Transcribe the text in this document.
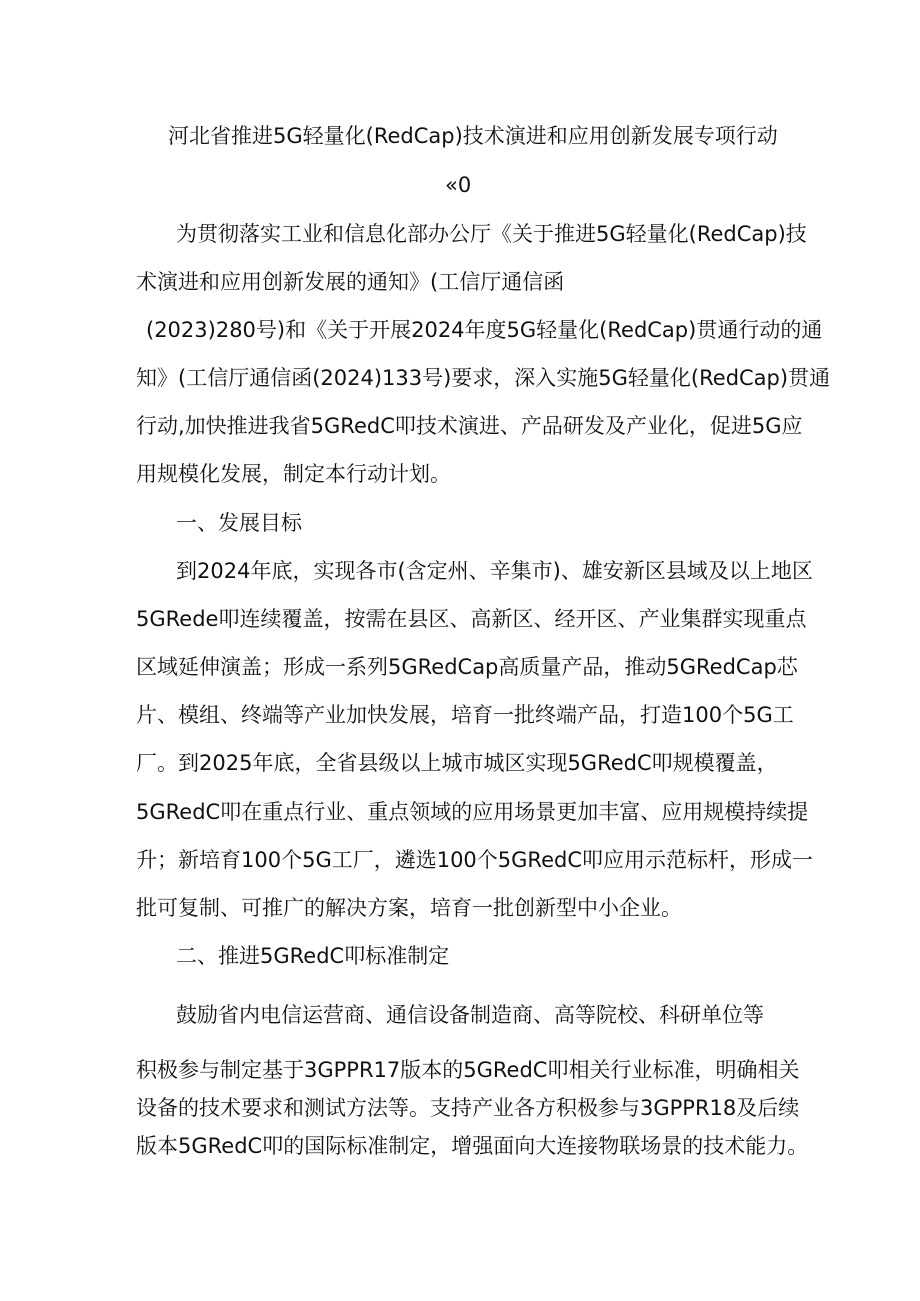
河北省推进5G轻量化(RedCap)技术演进和应用创新发展专项行动
«0
为贯彻落实工业和信息化部办公厅《关于推进5G轻量化(RedCap)技
术演进和应用创新发展的通知》(工信厅通信函
(2023)280号)和《关于开展2024年度5G轻量化(RedCap)贯通行动的通
知》(工信厅通信函(2024)133号)要求，深入实施5G轻量化(RedCap)贯通
行动,加快推进我省5GRedC叩技术演进、产品研发及产业化，促进5G应
用规模化发展，制定本行动计划。
一、发展目标
到2024年底，实现各市(含定州、辛集市)、雄安新区县域及以上地区
5GRede叩连续覆盖，按需在县区、高新区、经开区、产业集群实现重点
区域延伸演盖；形成一系列5GRedCap高质量产品，推动5GRedCap芯
片、模组、终端等产业加快发展，培育一批终端产品，打造100个5G工
厂。到2025年底，全省县级以上城市城区实现5GRedC叩规模覆盖，
5GRedC叩在重点行业、重点领域的应用场景更加丰富、应用规模持续提
升；新培育100个5G工厂，遴选100个5GRedC叩应用示范标杆，形成一
批可复制、可推广的解决方案，培育一批创新型中小企业。
二、推进5GRedC叩标准制定
鼓励省内电信运营商、通信设备制造商、高等院校、科研单位等
积极参与制定基于3GPPR17版本的5GRedC叩相关行业标准，明确相关
设备的技术要求和测试方法等。支持产业各方积极参与3GPPR18及后续
版本5GRedC叩的国际标准制定，增强面向大连接物联场景的技术能力。
